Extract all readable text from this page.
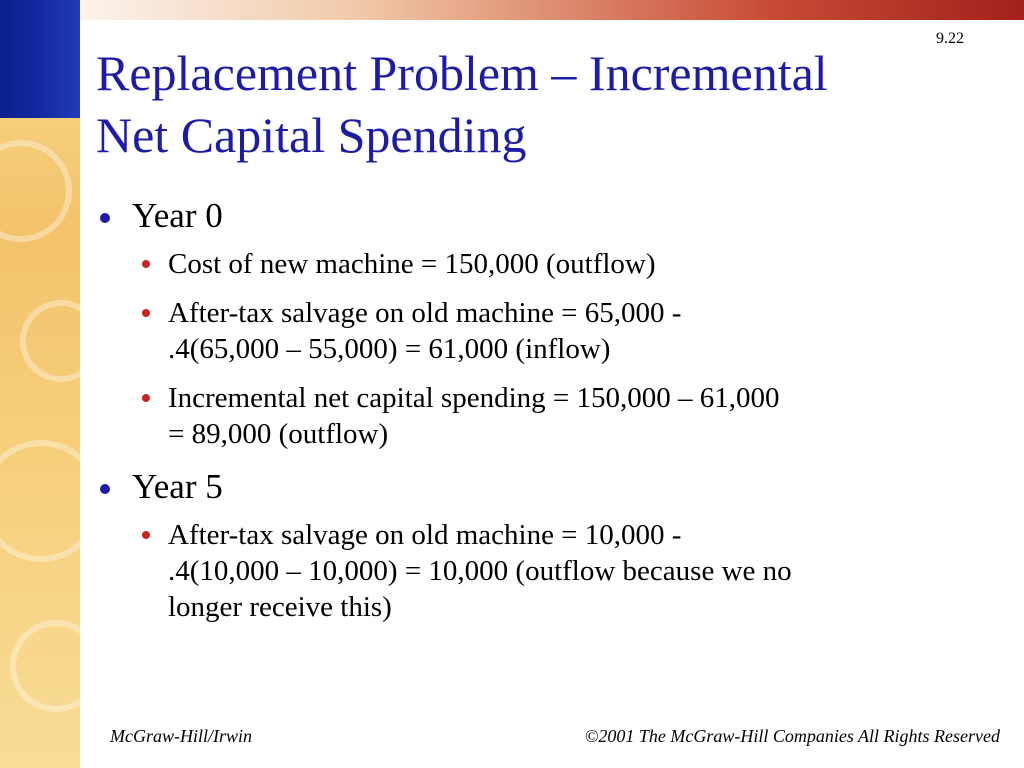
9.22
Replacement Problem – Incremental
Net Capital Spending
Year 0
Cost of new machine = 150,000 (outflow)
After-tax salvage on old machine = 65,000 -
.4(65,000 – 55,000) = 61,000 (inflow)
Incremental net capital spending = 150,000 – 61,000
= 89,000 (outflow)
Year 5
After-tax salvage on old machine = 10,000 -
.4(10,000 – 10,000) = 10,000 (outflow because we no
longer receive this)
McGraw-Hill/Irwin	©2001 The McGraw-Hill Companies All Rights Reserved
